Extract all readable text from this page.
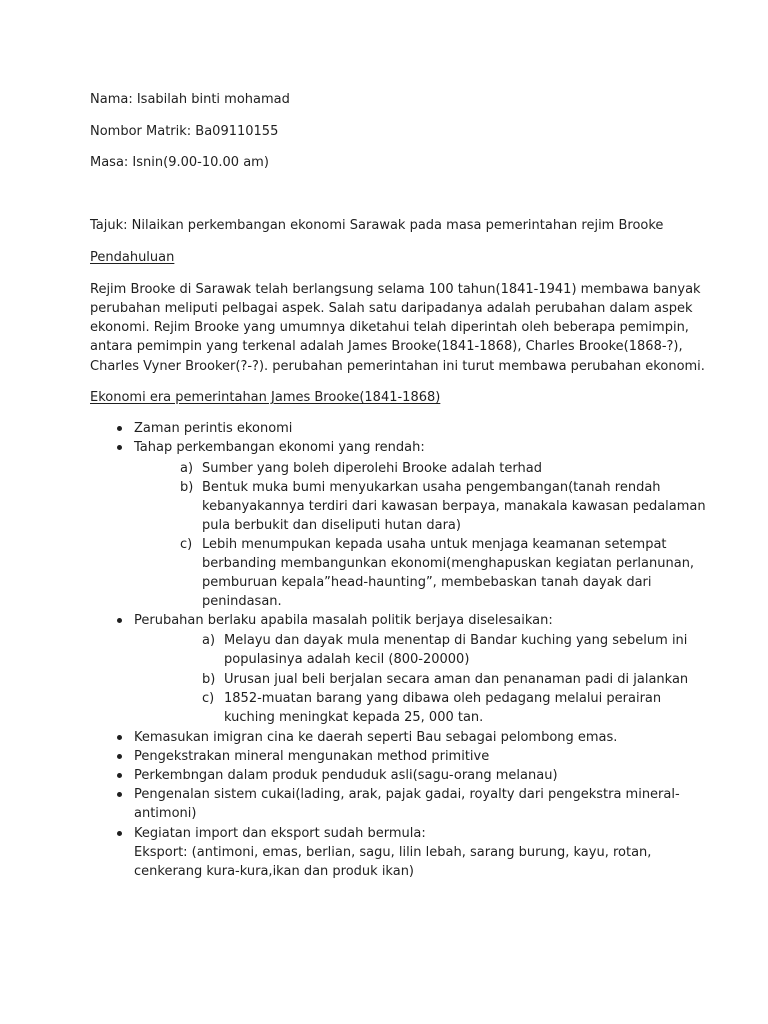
Nama: Isabilah binti mohamad
Nombor Matrik: Ba09110155
Masa: Isnin(9.00-10.00 am)
Tajuk: Nilaikan perkembangan ekonomi Sarawak pada masa pemerintahan rejim Brooke
Pendahuluan
Rejim Brooke di Sarawak telah berlangsung selama 100 tahun(1841-1941) membawa banyak
perubahan meliputi pelbagai aspek. Salah satu daripadanya adalah perubahan dalam aspek
ekonomi. Rejim Brooke yang umumnya diketahui telah diperintah oleh beberapa pemimpin,
antara pemimpin yang terkenal adalah James Brooke(1841-1868), Charles Brooke(1868-?),
Charles Vyner Brooker(?-?). perubahan pemerintahan ini turut membawa perubahan ekonomi.
Ekonomi era pemerintahan James Brooke(1841-1868)
Zaman perintis ekonomi
Tahap perkembangan ekonomi yang rendah:
a) Sumber yang boleh diperolehi Brooke adalah terhad
b) Bentuk muka bumi menyukarkan usaha pengembangan(tanah rendah
kebanyakannya terdiri dari kawasan berpaya, manakala kawasan pedalaman
pula berbukit dan diseliputi hutan dara)
c) Lebih menumpukan kepada usaha untuk menjaga keamanan setempat
berbanding membangunkan ekonomi(menghapuskan kegiatan perlanunan,
pemburuan kepala”head-haunting”, membebaskan tanah dayak dari
penindasan.
Perubahan berlaku apabila masalah politik berjaya diselesaikan:
a) Melayu dan dayak mula menentap di Bandar kuching yang sebelum ini
populasinya adalah kecil (800-20000)
b) Urusan jual beli berjalan secara aman dan penanaman padi di jalankan
c) 1852-muatan barang yang dibawa oleh pedagang melalui perairan
kuching meningkat kepada 25, 000 tan.
Kemasukan imigran cina ke daerah seperti Bau sebagai pelombong emas.
Pengekstrakan mineral mengunakan method primitive
Perkembngan dalam produk penduduk asli(sagu-orang melanau)
Pengenalan sistem cukai(lading, arak, pajak gadai, royalty dari pengekstra mineral-
antimoni)
Kegiatan import dan eksport sudah bermula:
Eksport: (antimoni, emas, berlian, sagu, lilin lebah, sarang burung, kayu, rotan,
cenkerang kura-kura,ikan dan produk ikan)
